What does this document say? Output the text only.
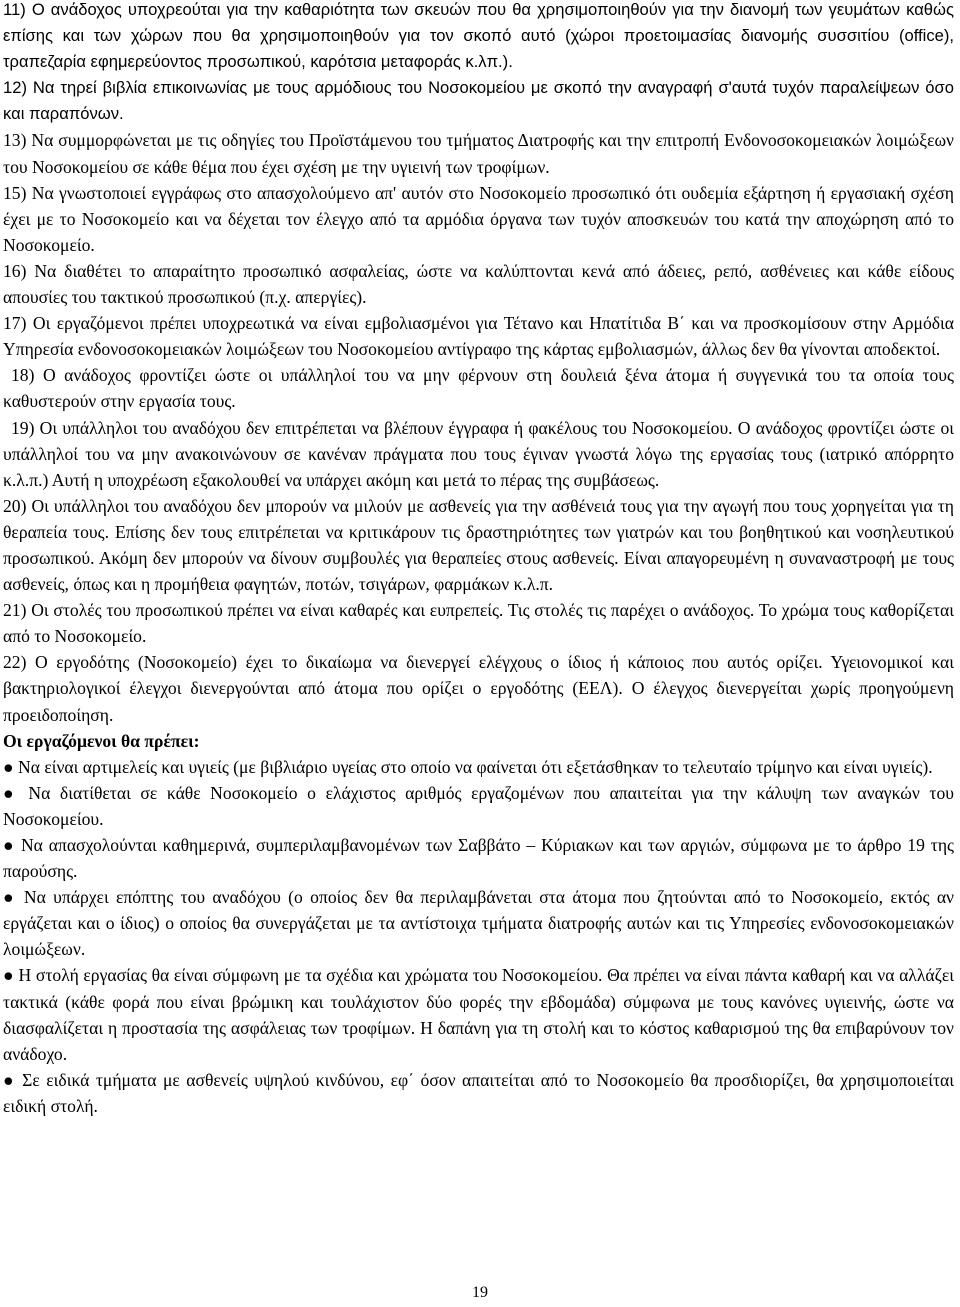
11) Ο ανάδοχος υποχρεούται για την καθαριότητα των σκευών που θα χρησιμοποιηθούν για την διανομή των γευμάτων καθώς επίσης και των χώρων που θα χρησιμοποιηθούν για τον σκοπό αυτό (χώροι προετοιμασίας διανομής συσσιτίου (office), τραπεζαρία εφημερεύοντος προσωπικού, καρότσια μεταφοράς κ.λπ.).

12) Να τηρεί βιβλία επικοινωνίας με τους αρμόδιους του Νοσοκομείου με σκοπό την αναγραφή σ'αυτά τυχόν παραλείψεων όσο και παραπόνων.

13) Να συμμορφώνεται με τις οδηγίες του Προϊστάμενου του τμήματος Διατροφής και την επιτροπή Ενδονοσοκομειακών λοιμώξεων του Νοσοκομείου σε κάθε θέμα που έχει σχέση με την υγιεινή των τροφίμων.

15) Να γνωστοποιεί εγγράφως στο απασχολούμενο απ' αυτόν στο Νοσοκομείο προσωπικό ότι ουδεμία εξάρτηση ή εργασιακή σχέση έχει με το Νοσοκομείο και να δέχεται τον έλεγχο από τα αρμόδια όργανα των τυχόν αποσκευών του κατά την αποχώρηση από το Νοσοκομείο.

16) Να διαθέτει το απαραίτητο προσωπικό ασφαλείας, ώστε να καλύπτονται κενά από άδειες, ρεπό, ασθένειες και κάθε είδους απουσίες του τακτικού προσωπικού (π.χ. απεργίες).

17) Οι εργαζόμενοι πρέπει υποχρεωτικά να είναι εμβολιασμένοι για Τέτανο και Ηπατίτιδα Β΄ και να προσκομίσουν στην Αρμόδια Υπηρεσία ενδονοσοκομειακών λοιμώξεων του Νοσοκομείου αντίγραφο της κάρτας εμβολιασμών, άλλως δεν θα γίνονται αποδεκτοί.

18) Ο ανάδοχος φροντίζει ώστε οι υπάλληλοί του να μην φέρνουν στη δουλειά ξένα άτομα ή συγγενικά του τα οποία τους καθυστερούν στην εργασία τους.

19) Οι υπάλληλοι του αναδόχου δεν επιτρέπεται να βλέπουν έγγραφα ή φακέλους του Νοσοκομείου. Ο ανάδοχος φροντίζει ώστε οι υπάλληλοί του να μην ανακοινώνουν σε κανέναν πράγματα που τους έγιναν γνωστά λόγω της εργασίας τους (ιατρικό απόρρητο κ.λ.π.) Αυτή η υποχρέωση εξακολουθεί να υπάρχει ακόμη και μετά το πέρας της συμβάσεως.

20) Οι υπάλληλοι του αναδόχου δεν μπορούν να μιλούν με ασθενείς για την ασθένειά τους για την αγωγή που τους χορηγείται για τη θεραπεία τους. Επίσης δεν τους επιτρέπεται να κριτικάρουν τις δραστηριότητες των γιατρών και του βοηθητικού και νοσηλευτικού προσωπικού. Ακόμη δεν μπορούν να δίνουν συμβουλές για θεραπείες στους ασθενείς. Είναι απαγορευμένη η συναναστροφή με τους ασθενείς, όπως και η προμήθεια φαγητών, ποτών, τσιγάρων, φαρμάκων κ.λ.π.

21) Οι στολές του προσωπικού πρέπει να είναι καθαρές και ευπρεπείς. Τις στολές τις παρέχει ο ανάδοχος. Το χρώμα τους καθορίζεται από το Νοσοκομείο.

22) Ο εργοδότης (Νοσοκομείο) έχει το δικαίωμα να διενεργεί ελέγχους ο ίδιος ή κάποιος που αυτός ορίζει. Υγειονομικοί και βακτηριολογικοί έλεγχοι διενεργούνται από άτομα που ορίζει ο εργοδότης (ΕΕΛ). Ο έλεγχος διενεργείται χωρίς προηγούμενη προειδοποίηση.

Οι εργαζόμενοι θα πρέπει:

● Να είναι αρτιμελείς και υγιείς (με βιβλιάριο υγείας στο οποίο να φαίνεται ότι εξετάσθηκαν το τελευταίο τρίμηνο και είναι υγιείς).

● Να διατίθεται σε κάθε Νοσοκομείο ο ελάχιστος αριθμός εργαζομένων που απαιτείται για την κάλυψη των αναγκών του Νοσοκομείου.

● Να απασχολούνται καθημερινά, συμπεριλαμβανομένων των Σαββάτο – Κύριακων και των αργιών, σύμφωνα με το άρθρο 19 της παρούσης.

● Να υπάρχει επόπτης του αναδόχου (ο οποίος δεν θα περιλαμβάνεται στα άτομα που ζητούνται από το Νοσοκομείο, εκτός αν εργάζεται και ο ίδιος) ο οποίος θα συνεργάζεται με τα αντίστοιχα τμήματα διατροφής αυτών και τις Υπηρεσίες ενδονοσοκομειακών λοιμώξεων.

● Η στολή εργασίας θα είναι σύμφωνη με τα σχέδια και χρώματα του Νοσοκομείου. Θα πρέπει να είναι πάντα καθαρή και να αλλάζει τακτικά (κάθε φορά που είναι βρώμικη και τουλάχιστον δύο φορές την εβδομάδα) σύμφωνα με τους κανόνες υγιεινής, ώστε να διασφαλίζεται η προστασία της ασφάλειας των τροφίμων. Η δαπάνη για τη στολή και το κόστος καθαρισμού της θα επιβαρύνουν τον ανάδοχο.

● Σε ειδικά τμήματα με ασθενείς υψηλού κινδύνου, εφ΄ όσον απαιτείται από το Νοσοκομείο θα προσδιορίζει, θα χρησιμοποιείται ειδική στολή.

19
